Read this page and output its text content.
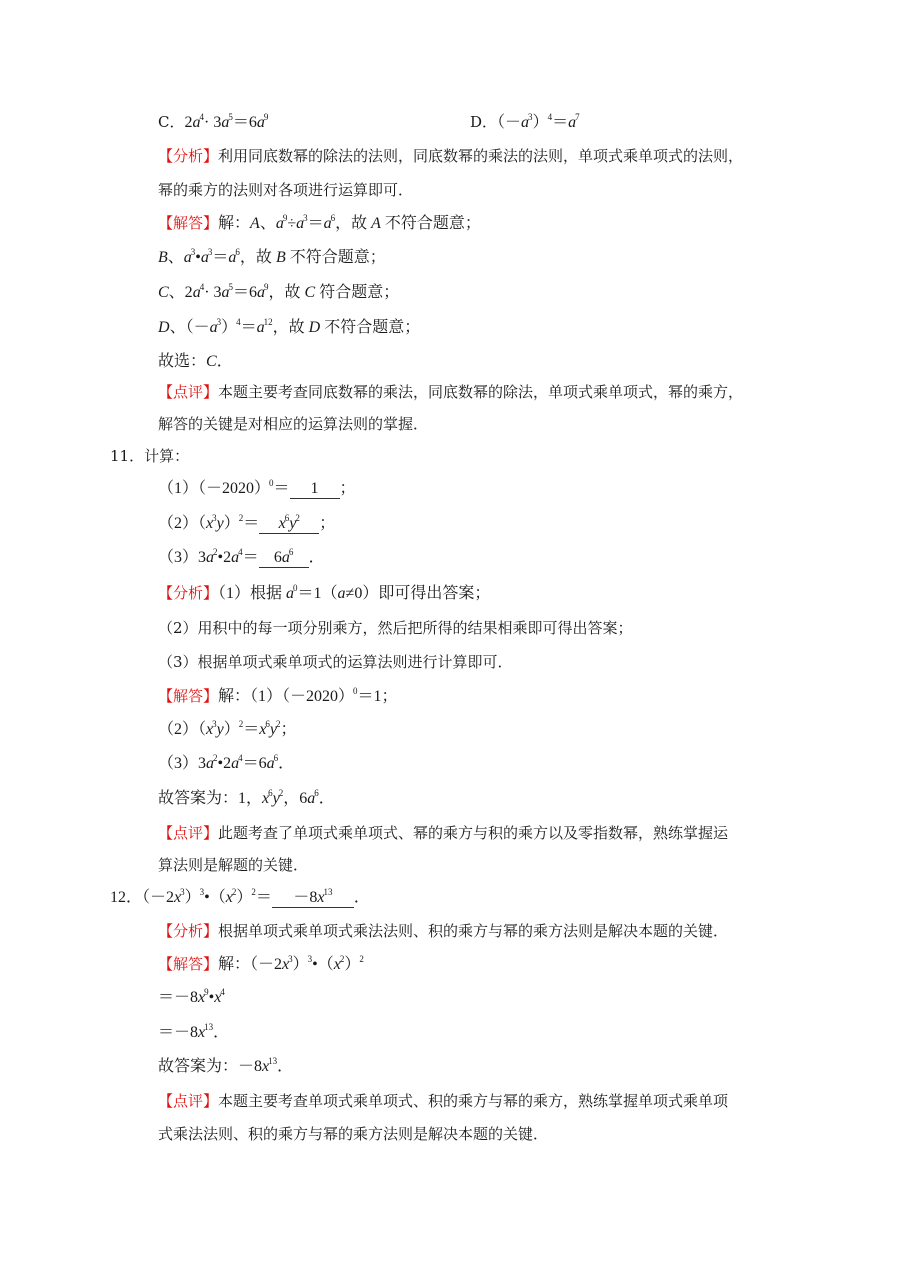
C．$2a^4\cdot 3a^5=6a^9$	D．$(-a^3)^4=a^7$
【分析】利用同底数幂的除法的法则，同底数幂的乘法的法则，单项式乘单项式的法则，
幂的乘方的法则对各项进行运算即可．
【解答】解：A、$a^9\div a^3=a^6$，故 A 不符合题意；
B、$a^3•a^3=a^6$，故 B 不符合题意；
C、$2a^4\cdot 3a^5=6a^9$，故 C 符合题意；
D、$(-a^3)^4=a^{12}$，故 D 不符合题意；
故选：C．
【点评】本题主要考查同底数幂的乘法，同底数幂的除法，单项式乘单项式，幂的乘方，
解答的关键是对相应的运算法则的掌握．
11．计算：
$(1)(-2020)^0= 1$ ；
$(2)(x^3y)^2= x^6y^2$ ；
$(3)3a^2•2a^4= 6a^6$ ．
【分析】（1）根据 $a^0=1(a\ne 0)$即可得出答案；
（2）用积中的每一项分别乘方，然后把所得的结果相乘即可得出答案；
（3）根据单项式乘单项式的运算法则进行计算即可．
【解答】解：$(1)(-2020)^0=1$；
$(2)(x^3y)^2=x^6y^2$；
$(3)3a^2•2a^4=6a^6$．
故答案为：1，$x^6y^2$，$6a^6$．
【点评】此题考查了单项式乘单项式、幂的乘方与积的乘方以及零指数幂，熟练掌握运
算法则是解题的关键．
12．$(-2x^3)^3•(x^2)^2= -8x^{13}$ ．
【分析】根据单项式乘单项式乘法法则、积的乘方与幂的乘方法则是解决本题的关键．
【解答】解：$(-2x^3)^3•(x^2)^2$
$=-8x^9•x^4$
$=-8x^{13}$．
故答案为：$-8x^{13}$．
【点评】本题主要考查单项式乘单项式、积的乘方与幂的乘方，熟练掌握单项式乘单项
式乘法法则、积的乘方与幂的乘方法则是解决本题的关键．
